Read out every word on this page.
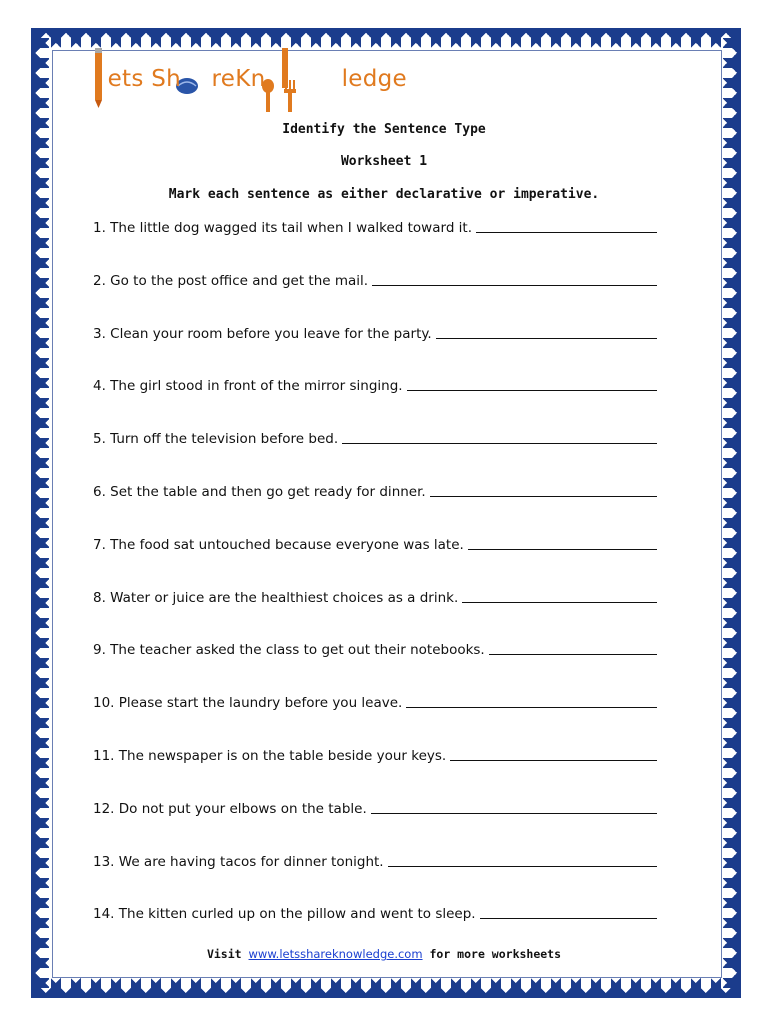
ets Sh    reKn          ledge
Identify the Sentence Type
Worksheet 1
Mark each sentence as either declarative or imperative.
1. The little dog wagged its tail when I walked toward it.
2. Go to the post office and get the mail.
3. Clean your room before you leave for the party.
4. The girl stood in front of the mirror singing.
5. Turn off the television before bed.
6. Set the table and then go get ready for dinner.
7. The food sat untouched because everyone was late.
8. Water or juice are the healthiest choices as a drink.
9. The teacher asked the class to get out their notebooks.
10. Please start the laundry before you leave.
11. The newspaper is on the table beside your keys.
12. Do not put your elbows on the table.
13. We are having tacos for dinner tonight.
14. The kitten curled up on the pillow and went to sleep.
Visit www.letsshareknowledge.com for more worksheets
